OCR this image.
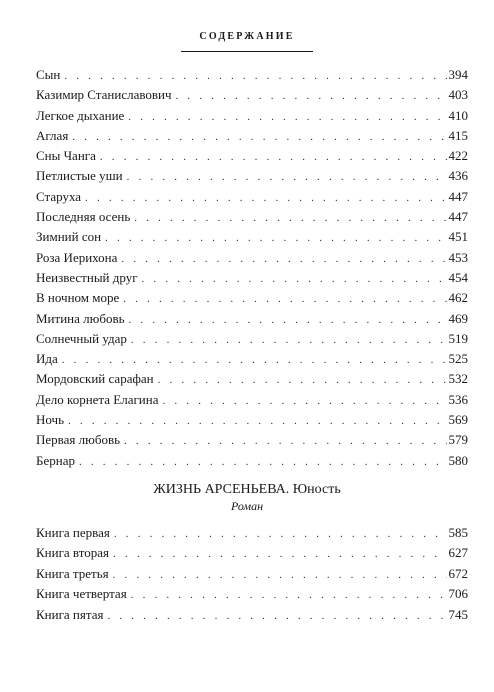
СОДЕРЖАНИЕ
Сын . . .	394
Казимир Станиславович . . .	403
Легкое дыхание . . .	410
Аглая . . .	415
Сны Чанга . . .	422
Петлистые уши . . .	436
Старуха . . .	447
Последняя осень . . .	447
Зимний сон . . .	451
Роза Иерихона . . .	453
Неизвестный друг . . .	454
В ночном море . . .	462
Митина любовь . . .	469
Солнечный удар . . .	519
Ида . . .	525
Мордовский сарафан . . .	532
Дело корнета Елагина . . .	536
Ночь . . .	569
Первая любовь . . .	579
Бернар . . .	580
ЖИЗНЬ АРСЕНЬЕВА. Юность
Роман
Книга первая . . .	585
Книга вторая . . .	627
Книга третья . . .	672
Книга четвертая . . .	706
Книга пятая . . .	745
